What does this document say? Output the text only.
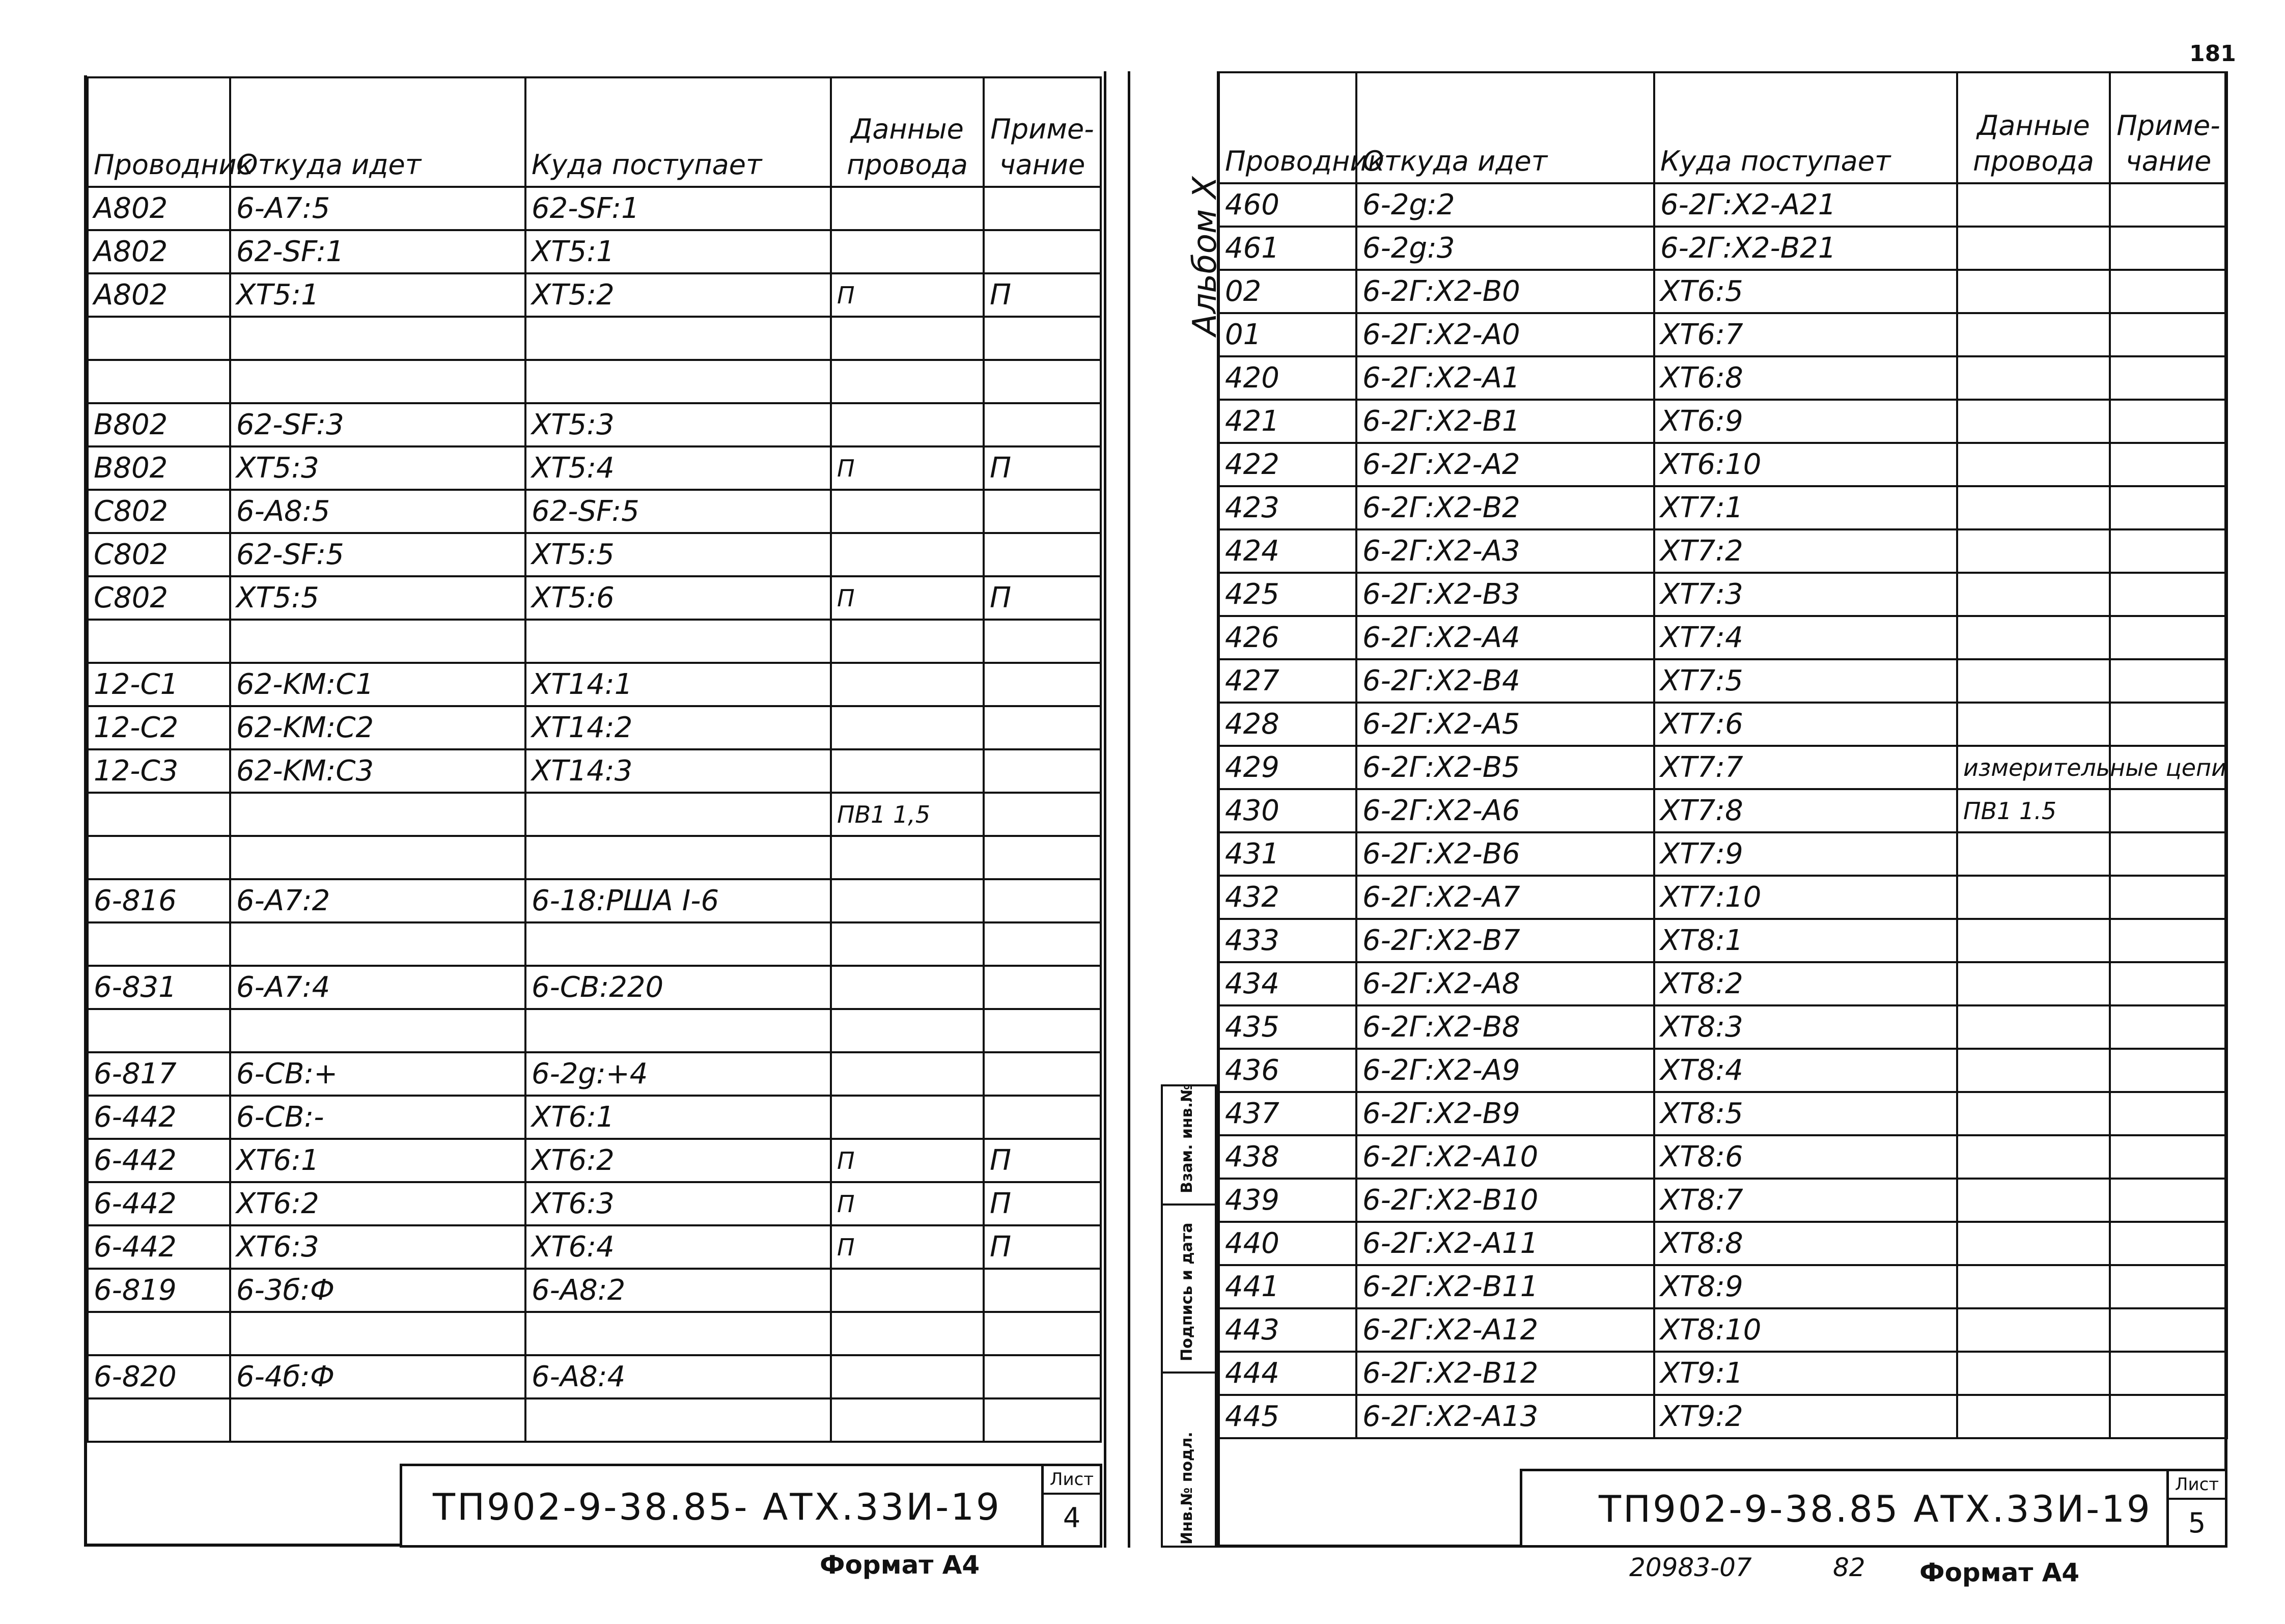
Проводник	Откуда идет	Куда поступает	Данные провода	Приме-чание
A802	6-A7:5	62-SF:1		
A802	62-SF:1	XT5:1		
A802	XT5:1	XT5:2	П	П

B802	62-SF:3	XT5:3		
B802	XT5:3	XT5:4	П	П
C802	6-A8:5	62-SF:5		
C802	62-SF:5	XT5:5		
C802	XT5:5	XT5:6	П	П

12-C1	62-KM:C1	XT14:1		
12-C2	62-KM:C2	XT14:2		
12-C3	62-KM:C3	XT14:3		
			ПВ1 1,5	

6-816	6-A7:2	6-18:РША I-6		

6-831	6-A7:4	6-CB:220		

6-817	6-CB:+	6-2g:+4		
6-442	6-CB:-	XT6:1		
6-442	XT6:1	XT6:2	П	П
6-442	XT6:2	XT6:3	П	П
6-442	XT6:3	XT6:4	П	П
6-819	6-3б:Ф	6-A8:2		

6-820	6-4б:Ф	6-A8:4		

ТП902-9-38.85- АТХ.33И-19
Лист
4
Формат А4
Альбом X
Инв.№ подл.
Подпись и дата
Взам. инв.№
Проводник	Откуда идет	Куда поступает	Данные провода	Приме-чание
460	6-2g:2	6-2Г:X2-A21		
461	6-2g:3	6-2Г:X2-B21		
02	6-2Г:X2-B0	XT6:5		
01	6-2Г:X2-A0	XT6:7		
420	6-2Г:X2-A1	XT6:8		
421	6-2Г:X2-B1	XT6:9		
422	6-2Г:X2-A2	XT6:10		
423	6-2Г:X2-B2	XT7:1		
424	6-2Г:X2-A3	XT7:2		
425	6-2Г:X2-B3	XT7:3		
426	6-2Г:X2-A4	XT7:4		
427	6-2Г:X2-B4	XT7:5		
428	6-2Г:X2-A5	XT7:6		
429	6-2Г:X2-B5	XT7:7	измерительные цепи	
430	6-2Г:X2-A6	XT7:8	ПВ1 1.5	
431	6-2Г:X2-B6	XT7:9		
432	6-2Г:X2-A7	XT7:10		
433	6-2Г:X2-B7	XT8:1		
434	6-2Г:X2-A8	XT8:2		
435	6-2Г:X2-B8	XT8:3		
436	6-2Г:X2-A9	XT8:4		
437	6-2Г:X2-B9	XT8:5		
438	6-2Г:X2-A10	XT8:6		
439	6-2Г:X2-B10	XT8:7		
440	6-2Г:X2-A11	XT8:8		
441	6-2Г:X2-B11	XT8:9		
443	6-2Г:X2-A12	XT8:10		
444	6-2Г:X2-B12	XT9:1		
445	6-2Г:X2-A13	XT9:2		
ТП902-9-38.85 АТХ.33И-19
Лист
5
20983-07	82 Формат А4
181
